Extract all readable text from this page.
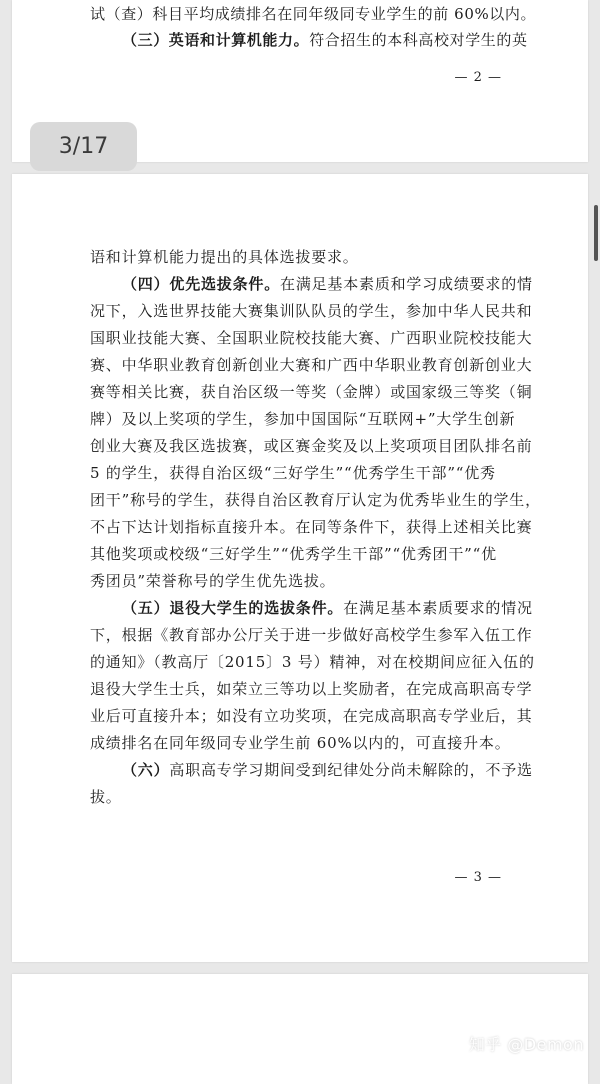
试（查）科目平均成绩排名在同年级同专业学生的前 60%以内。
（三）英语和计算机能力。符合招生的本科高校对学生的英
— 2 —
语和计算机能力提出的具体选拔要求。
（四）优先选拔条件。在满足基本素质和学习成绩要求的情
况下，入选世界技能大赛集训队队员的学生，参加中华人民共和
国职业技能大赛、全国职业院校技能大赛、广西职业院校技能大
赛、中华职业教育创新创业大赛和广西中华职业教育创新创业大
赛等相关比赛，获自治区级一等奖（金牌）或国家级三等奖（铜
牌）及以上奖项的学生，参加中国国际“互联网+”大学生创新
创业大赛及我区选拔赛，或区赛金奖及以上奖项项目团队排名前
5 的学生，获得自治区级“三好学生”“优秀学生干部”“优秀
团干”称号的学生，获得自治区教育厅认定为优秀毕业生的学生，
不占下达计划指标直接升本。在同等条件下，获得上述相关比赛
其他奖项或校级“三好学生”“优秀学生干部”“优秀团干”“优
秀团员”荣誉称号的学生优先选拔。
（五）退役大学生的选拔条件。在满足基本素质要求的情况
下，根据《教育部办公厅关于进一步做好高校学生参军入伍工作
的通知》（教高厅〔2015〕3 号）精神，对在校期间应征入伍的
退役大学生士兵，如荣立三等功以上奖励者，在完成高职高专学
业后可直接升本；如没有立功奖项，在完成高职高专学业后，其
成绩排名在同年级同专业学生前 60%以内的，可直接升本。
（六）高职高专学习期间受到纪律处分尚未解除的，不予选
拔。
— 3 —
3/17
知乎 @Demon
